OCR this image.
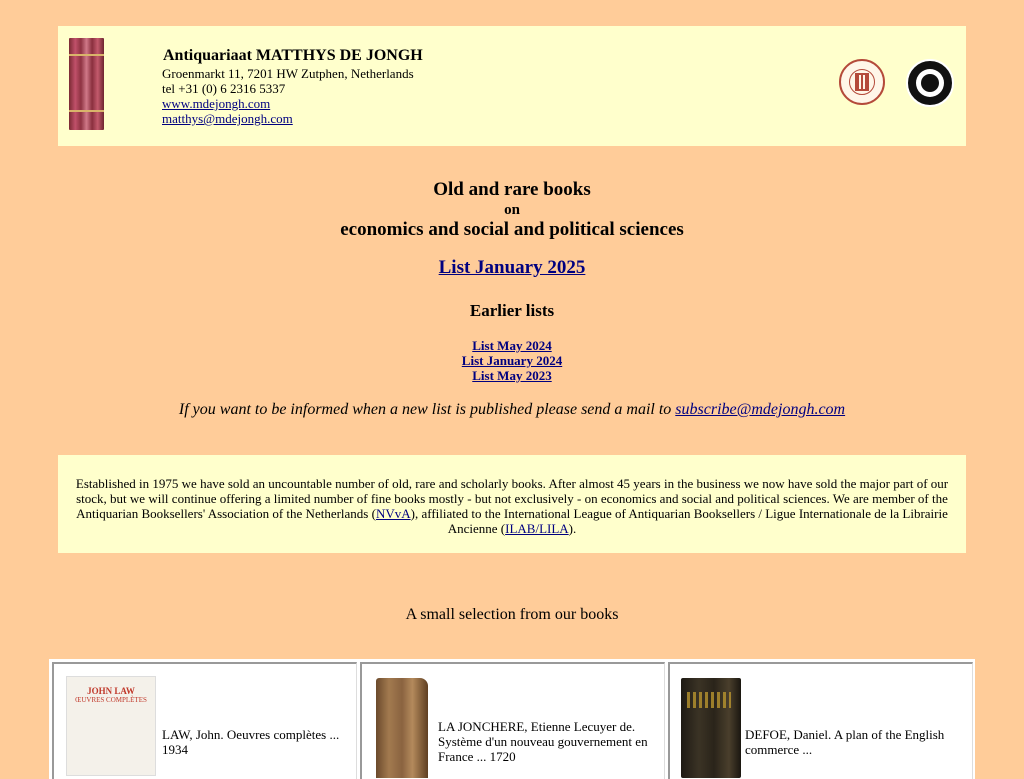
Antiquariaat MATTHYS DE JONGH
Groenmarkt 11, 7201 HW Zutphen, Netherlands
tel +31 (0) 6 2316 5337
www.mdejongh.com
matthys@mdejongh.com
Old and rare books
on
economics and social and political sciences
List January 2025
Earlier lists
List May 2024
List January 2024
List May 2023
If you want to be informed when a new list is published please send a mail to subscribe@mdejongh.com
Established in 1975 we have sold an uncountable number of old, rare and scholarly books. After almost 45 years in the business we now have sold the major part of our stock, but we will continue offering a limited number of fine books mostly - but not exclusively - on economics and social and political sciences. We are member of the Antiquarian Booksellers' Association of the Netherlands (NVvA), affiliated to the International League of Antiquarian Booksellers / Ligue Internationale de la Librairie Ancienne (ILAB/LILA).
A small selection from our books
JOHN LAW
ŒUVRES COMPLÈTES
LAW, John. Oeuvres complètes ... 1934
LA JONCHERE, Etienne Lecuyer de. Système d'un nouveau gouvernement en France ... 1720
DEFOE, Daniel. A plan of the English commerce ...
